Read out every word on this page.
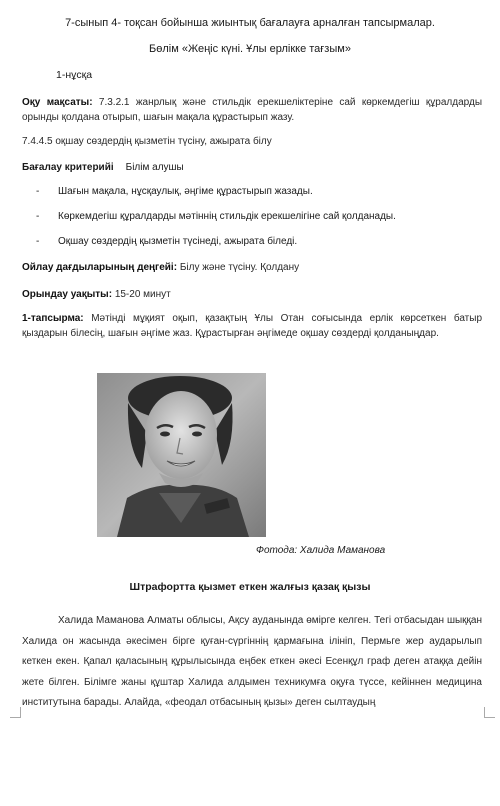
7-сынып 4- тоқсан бойынша жиынтық бағалауға арналған тапсырмалар.
Бөлім «Жеңіс күні. Ұлы ерлікке тағзым»
1-нұсқа
Оқу мақсаты: 7.3.2.1 жанрлық және стильдік ерекшеліктеріне сай көркемдегіш құралдарды орынды қолдана отырып, шағын мақала құрастырып жазу.
7.4.4.5 оқшау сөздердің қызметін түсіну, ажырата білу
Бағалау критерийі Білім алушы
- Шағын мақала, нұсқаулық, әңгіме құрастырып жазады.
- Көркемдегіш құралдарды мәтіннің стильдік ерекшелігіне сай қолданады.
- Оқшау сөздердің қызметін түсінеді, ажырата біледі.
Ойлау дағдыларының деңгейі: Білу және түсіну. Қолдану
Орындау уақыты: 15-20 минут
1-тапсырма: Мәтінді мұқият оқып, қазақтың Ұлы Отан соғысында ерлік көрсеткен батыр қыздарын білесің, шағын әңгіме жаз. Құрастырған әңгімеде оқшау сөздерді қолданыңдар.
Фотода: Халида Маманова
Штрафортта қызмет еткен жалғыз қазақ қызы
Халида Маманова Алматы облысы, Ақсу ауданында өмірге келген. Тегі отбасыдан шыққан Халида он жасында әкесімен бірге қуған-сүргіннің қармағына ілініп, Пермьге жер аударылып кеткен екен. Қапал қаласының құрылысында еңбек еткен әкесі Есенқұл граф деген атаққа дейін жете білген. Білімге жаны құштар Халида алдымен техникумға оқуға түссе, кейіннен медицина институтына барады. Алайда, «феодал отбасының қызы» деген сылтаудың
